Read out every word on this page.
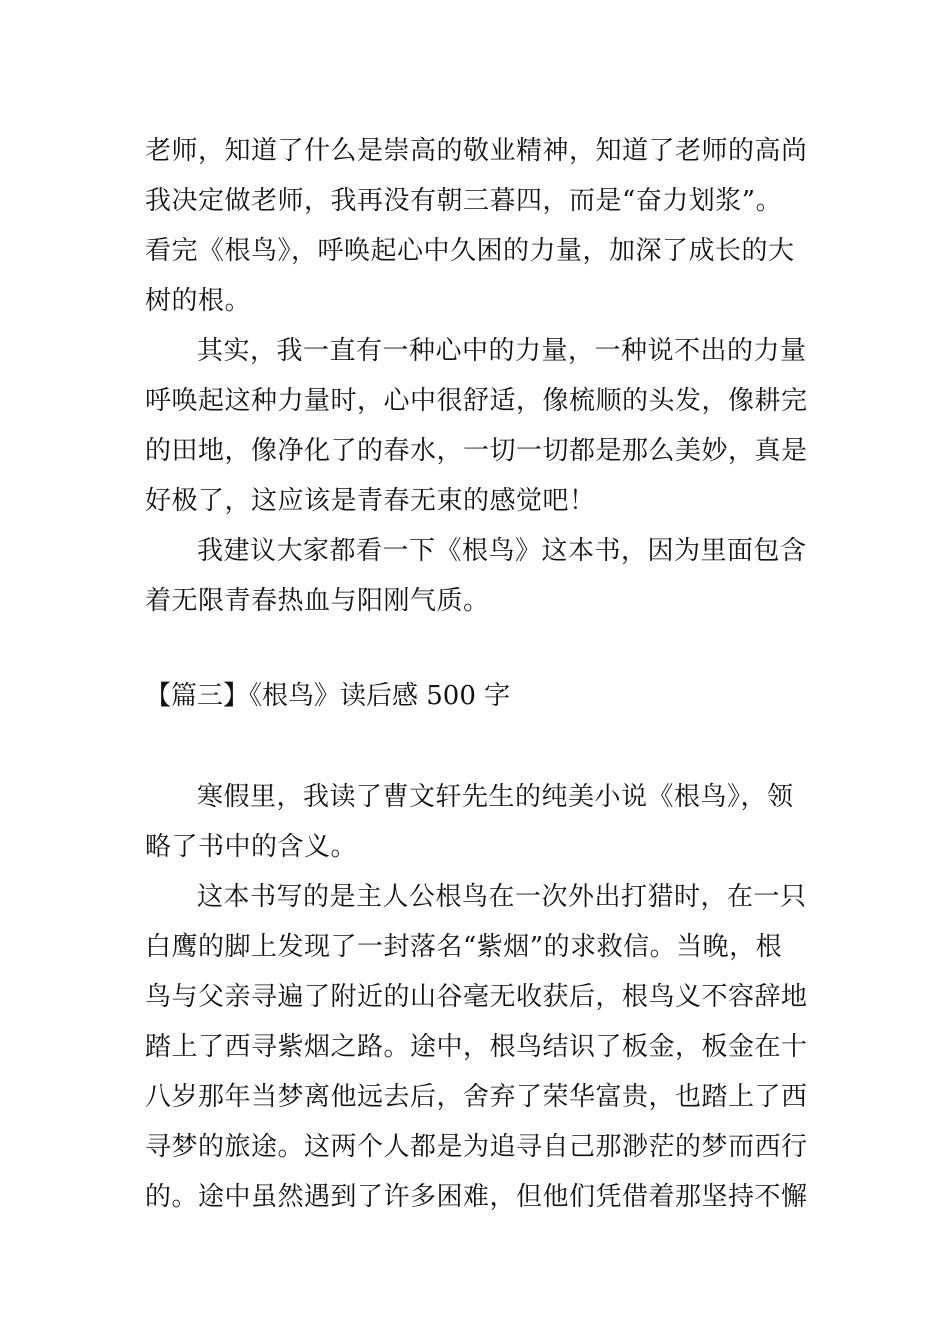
老师，知道了什么是崇高的敬业精神，知道了老师的高尚
我决定做老师，我再没有朝三暮四，而是“奋力划浆”。
看完《根鸟》，呼唤起心中久困的力量，加深了成长的大
树的根。
其实，我一直有一种心中的力量，一种说不出的力量
呼唤起这种力量时，心中很舒适，像梳顺的头发，像耕完
的田地，像净化了的春水，一切一切都是那么美妙，真是
好极了，这应该是青春无束的感觉吧！
我建议大家都看一下《根鸟》这本书，因为里面包含
着无限青春热血与阳刚气质。
【篇三】《根鸟》读后感 500 字
寒假里，我读了曹文轩先生的纯美小说《根鸟》，领
略了书中的含义。
这本书写的是主人公根鸟在一次外出打猎时，在一只
白鹰的脚上发现了一封落名“紫烟”的求救信。当晚，根
鸟与父亲寻遍了附近的山谷毫无收获后，根鸟义不容辞地
踏上了西寻紫烟之路。途中，根鸟结识了板金，板金在十
八岁那年当梦离他远去后，舍弃了荣华富贵，也踏上了西
寻梦的旅途。这两个人都是为追寻自己那渺茫的梦而西行
的。途中虽然遇到了许多困难，但他们凭借着那坚持不懈
